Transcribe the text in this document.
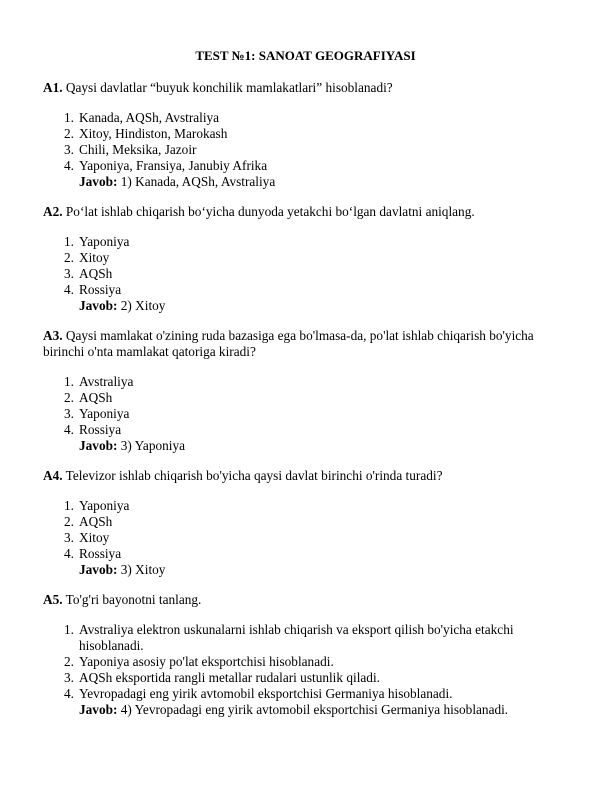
TEST №1: SANOAT GEOGRAFIYASI
A1. Qaysi davlatlar “buyuk konchilik mamlakatlari” hisoblanadi?
1. Kanada, AQSh, Avstraliya
2. Xitoy, Hindiston, Marokash
3. Chili, Meksika, Jazoir
4. Yaponiya, Fransiya, Janubiy Afrika
Javob: 1) Kanada, AQSh, Avstraliya
A2. Po‘lat ishlab chiqarish bo‘yicha dunyoda yetakchi bo‘lgan davlatni aniqlang.
1. Yaponiya
2. Xitoy
3. AQSh
4. Rossiya
Javob: 2) Xitoy
A3. Qaysi mamlakat o'zining ruda bazasiga ega bo'lmasa-da, po'lat ishlab chiqarish bo'yicha birinchi o'nta mamlakat qatoriga kiradi?
1. Avstraliya
2. AQSh
3. Yaponiya
4. Rossiya
Javob: 3) Yaponiya
A4. Televizor ishlab chiqarish bo'yicha qaysi davlat birinchi o'rinda turadi?
1. Yaponiya
2. AQSh
3. Xitoy
4. Rossiya
Javob: 3) Xitoy
A5. To'g'ri bayonotni tanlang.
1. Avstraliya elektron uskunalarni ishlab chiqarish va eksport qilish bo'yicha etakchi hisoblanadi.
2. Yaponiya asosiy po'lat eksportchisi hisoblanadi.
3. AQSh eksportida rangli metallar rudalari ustunlik qiladi.
4. Yevropadagi eng yirik avtomobil eksportchisi Germaniya hisoblanadi.
Javob: 4) Yevropadagi eng yirik avtomobil eksportchisi Germaniya hisoblanadi.
